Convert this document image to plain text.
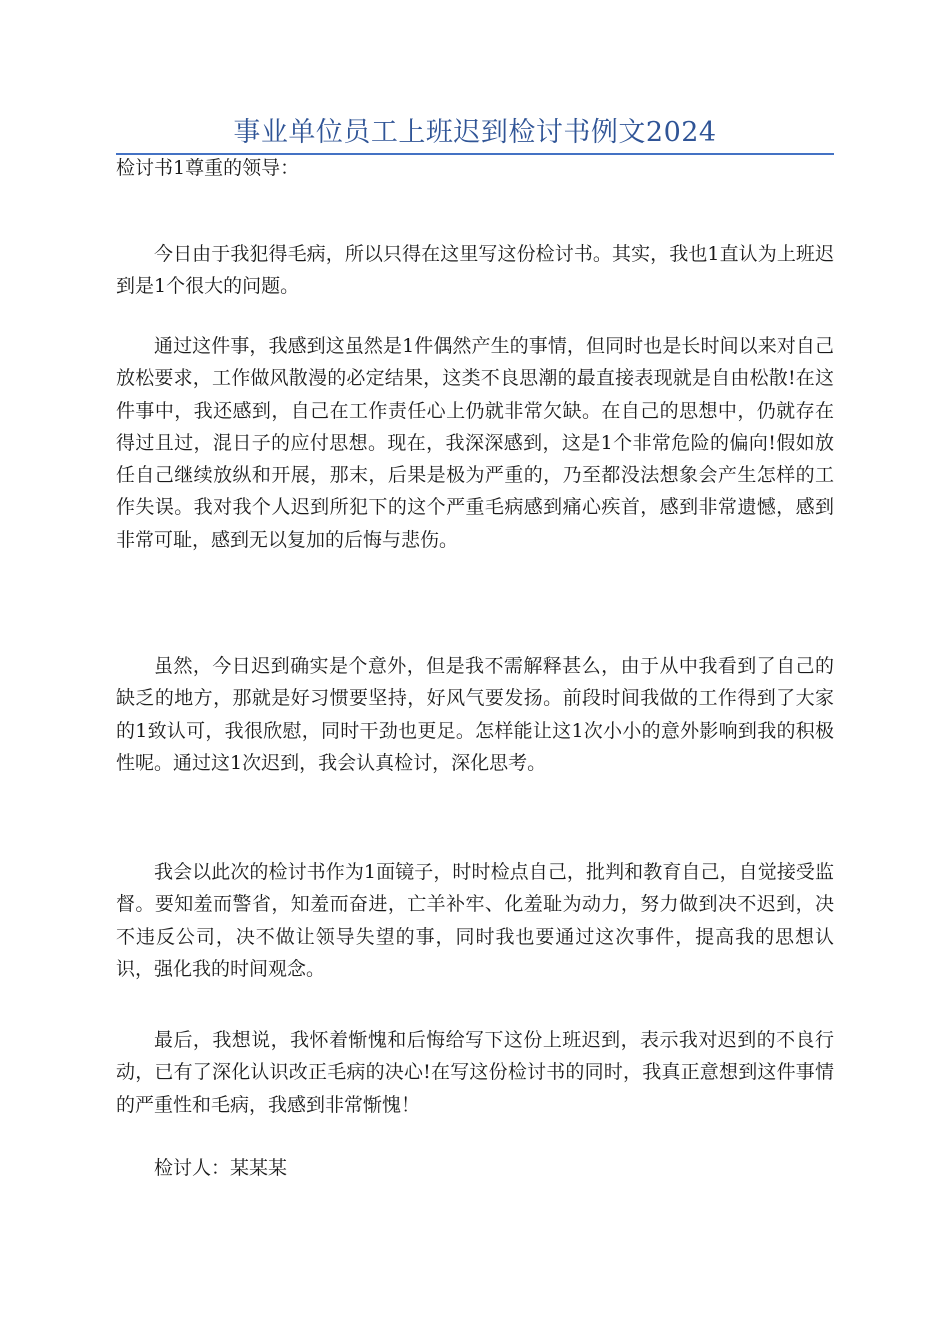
事业单位员工上班迟到检讨书例文2024
检讨书1尊重的领导：

今日由于我犯得毛病，所以只得在这里写这份检讨书。其实，我也1直认为上班迟到是1个很大的问题。

通过这件事，我感到这虽然是1件偶然产生的事情，但同时也是长时间以来对自己放松要求，工作做风散漫的必定结果，这类不良思潮的最直接表现就是自由松散!在这件事中，我还感到，自己在工作责任心上仍就非常欠缺。在自己的思想中，仍就存在得过且过，混日子的应付思想。现在，我深深感到，这是1个非常危险的偏向!假如放任自己继续放纵和开展，那末，后果是极为严重的，乃至都没法想象会产生怎样的工作失误。我对我个人迟到所犯下的这个严重毛病感到痛心疾首，感到非常遗憾，感到非常可耻，感到无以复加的后悔与悲伤。

虽然，今日迟到确实是个意外，但是我不需解释甚么，由于从中我看到了自己的缺乏的地方，那就是好习惯要坚持，好风气要发扬。前段时间我做的工作得到了大家的1致认可，我很欣慰，同时干劲也更足。怎样能让这1次小小的意外影响到我的积极性呢。通过这1次迟到，我会认真检讨，深化思考。

我会以此次的检讨书作为1面镜子，时时检点自己，批判和教育自己，自觉接受监督。要知羞而警省，知羞而奋进，亡羊补牢、化羞耻为动力，努力做到决不迟到，决不违反公司，决不做让领导失望的事，同时我也要通过这次事件，提高我的思想认识，强化我的时间观念。

最后，我想说，我怀着惭愧和后悔给写下这份上班迟到，表示我对迟到的不良行动，已有了深化认识改正毛病的决心!在写这份检讨书的同时，我真正意想到这件事情的严重性和毛病，我感到非常惭愧！

检讨人：某某某
